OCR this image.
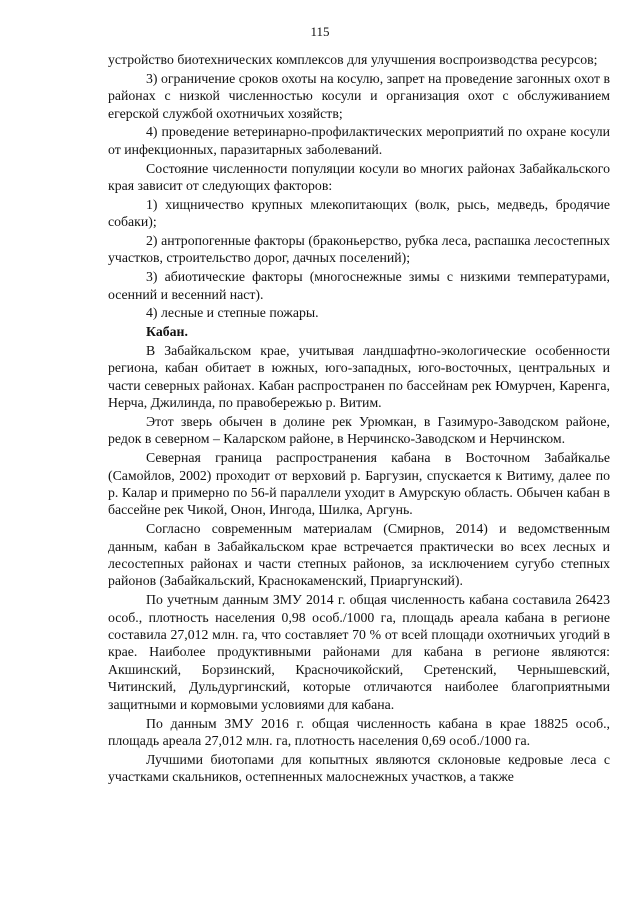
115

устройство биотехнических комплексов для улучшения воспроизводства ресурсов;

3) ограничение сроков охоты на косулю, запрет на проведение загонных охот в районах с низкой численностью косули и организация охот с обслуживанием егерской службой охотничьих хозяйств;

4) проведение ветеринарно-профилактических мероприятий по охране косули от инфекционных, паразитарных заболеваний.

Состояние численности популяции косули во многих районах Забайкальского края зависит от следующих факторов:

1) хищничество крупных млекопитающих (волк, рысь, медведь, бродячие собаки);

2) антропогенные факторы (браконьерство, рубка леса, распашка лесостепных участков, строительство дорог, дачных поселений);

3) абиотические факторы (многоснежные зимы с низкими температурами, осенний и весенний наст).

4) лесные и степные пожары.

Кабан.

В Забайкальском крае, учитывая ландшафтно-экологические особенности региона, кабан обитает в южных, юго-западных, юго-восточных, центральных и части северных районах. Кабан распространен по бассейнам рек Юмурчен, Каренга, Нерча, Джилинда, по правобережью р. Витим.

Этот зверь обычен в долине рек Урюмкан, в Газимуро-Заводском районе, редок в северном – Каларском районе, в Нерчинско-Заводском и Нерчинском.

Северная граница распространения кабана в Восточном Забайкалье (Самойлов, 2002) проходит от верховий р. Баргузин, спускается к Витиму, далее по р. Калар и примерно по 56-й параллели уходит в Амурскую область. Обычен кабан в бассейне рек Чикой, Онон, Ингода, Шилка, Аргунь.

Согласно современным материалам (Смирнов, 2014) и ведомственным данным, кабан в Забайкальском крае встречается практически во всех лесных и лесостепных районах и части степных районов, за исключением сугубо степных районов (Забайкальский, Краснокаменский, Приаргунский).

По учетным данным ЗМУ 2014 г. общая численность кабана составила 26423 особ., плотность населения 0,98 особ./1000 га, площадь ареала кабана в регионе составила 27,012 млн. га, что составляет 70 % от всей площади охотничьих угодий в крае. Наиболее продуктивными районами для кабана в регионе являются: Акшинский, Борзинский, Красночикойский, Сретенский, Чернышевский, Читинский, Дульдургинский, которые отличаются наиболее благоприятными защитными и кормовыми условиями для кабана.

По данным ЗМУ 2016 г. общая численность кабана в крае 18825 особ., площадь ареала 27,012 млн. га, плотность населения 0,69 особ./1000 га.

Лучшими биотопами для копытных являются склоновые кедровые леса с участками скальников, остепненных малоснежных участков, а также
